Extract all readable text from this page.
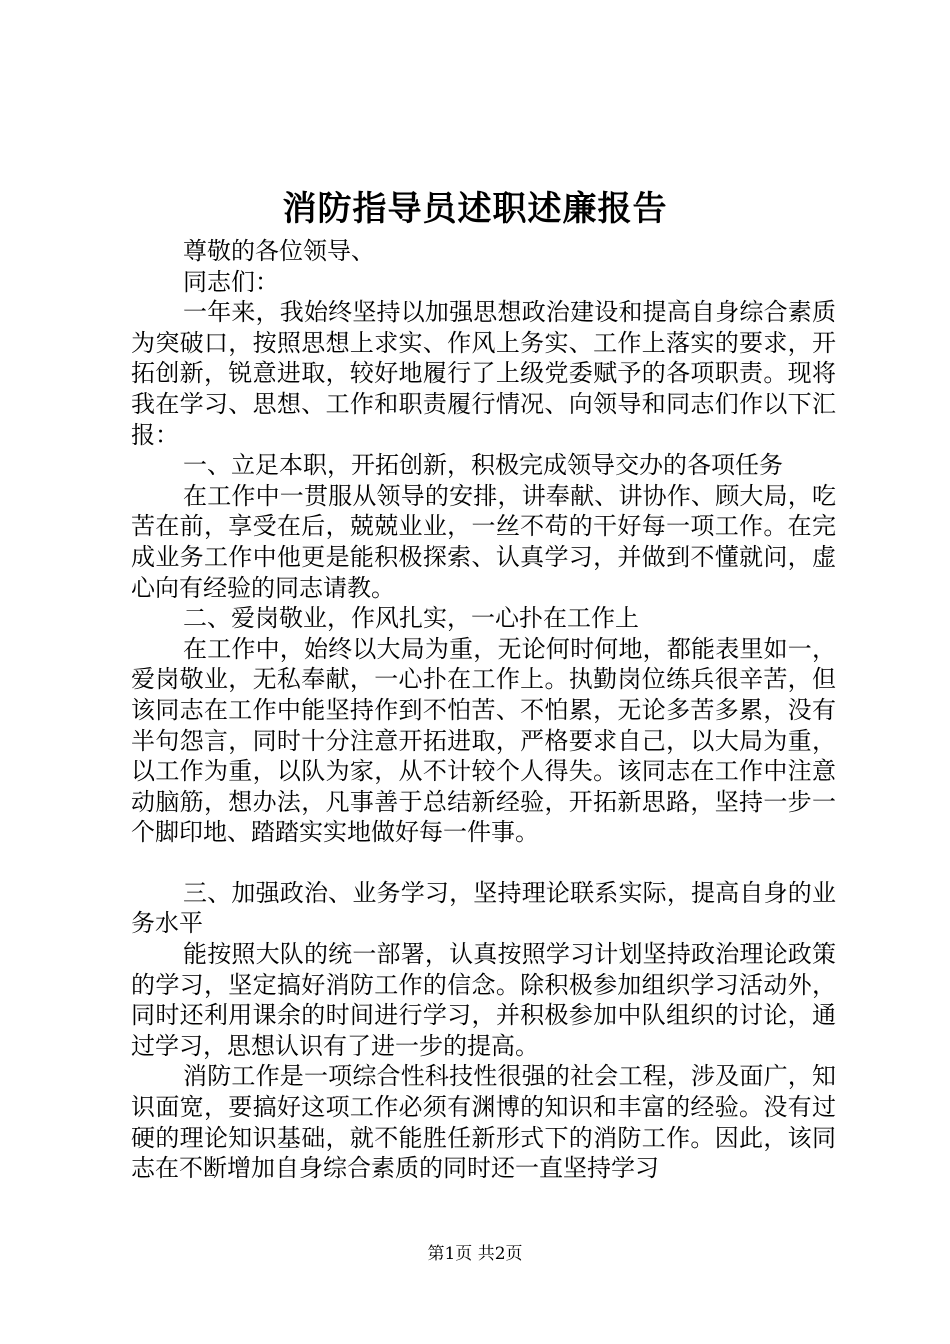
消防指导员述职述廉报告

尊敬的各位领导、

同志们：

一年来，我始终坚持以加强思想政治建设和提高自身综合素质为突破口，按照思想上求实、作风上务实、工作上落实的要求，开拓创新，锐意进取，较好地履行了上级党委赋予的各项职责。现将我在学习、思想、工作和职责履行情况、向领导和同志们作以下汇报：

一、立足本职，开拓创新，积极完成领导交办的各项任务

在工作中一贯服从领导的安排，讲奉献、讲协作、顾大局，吃苦在前，享受在后，兢兢业业，一丝不苟的干好每一项工作。在完成业务工作中他更是能积极探索、认真学习，并做到不懂就问，虚心向有经验的同志请教。

二、爱岗敬业，作风扎实，一心扑在工作上

在工作中，始终以大局为重，无论何时何地，都能表里如一，爱岗敬业，无私奉献，一心扑在工作上。执勤岗位练兵很辛苦，但该同志在工作中能坚持作到不怕苦、不怕累，无论多苦多累，没有半句怨言，同时十分注意开拓进取，严格要求自己，以大局为重，以工作为重，以队为家，从不计较个人得失。该同志在工作中注意动脑筋，想办法，凡事善于总结新经验，开拓新思路，坚持一步一个脚印地、踏踏实实地做好每一件事。

三、加强政治、业务学习，坚持理论联系实际，提高自身的业务水平

能按照大队的统一部署，认真按照学习计划坚持政治理论政策的学习，坚定搞好消防工作的信念。除积极参加组织学习活动外，同时还利用课余的时间进行学习，并积极参加中队组织的讨论，通过学习，思想认识有了进一步的提高。

消防工作是一项综合性科技性很强的社会工程，涉及面广，知识面宽，要搞好这项工作必须有渊博的知识和丰富的经验。没有过硬的理论知识基础，就不能胜任新形式下的消防工作。因此，该同志在不断增加自身综合素质的同时还一直坚持学习

第1页 共2页
